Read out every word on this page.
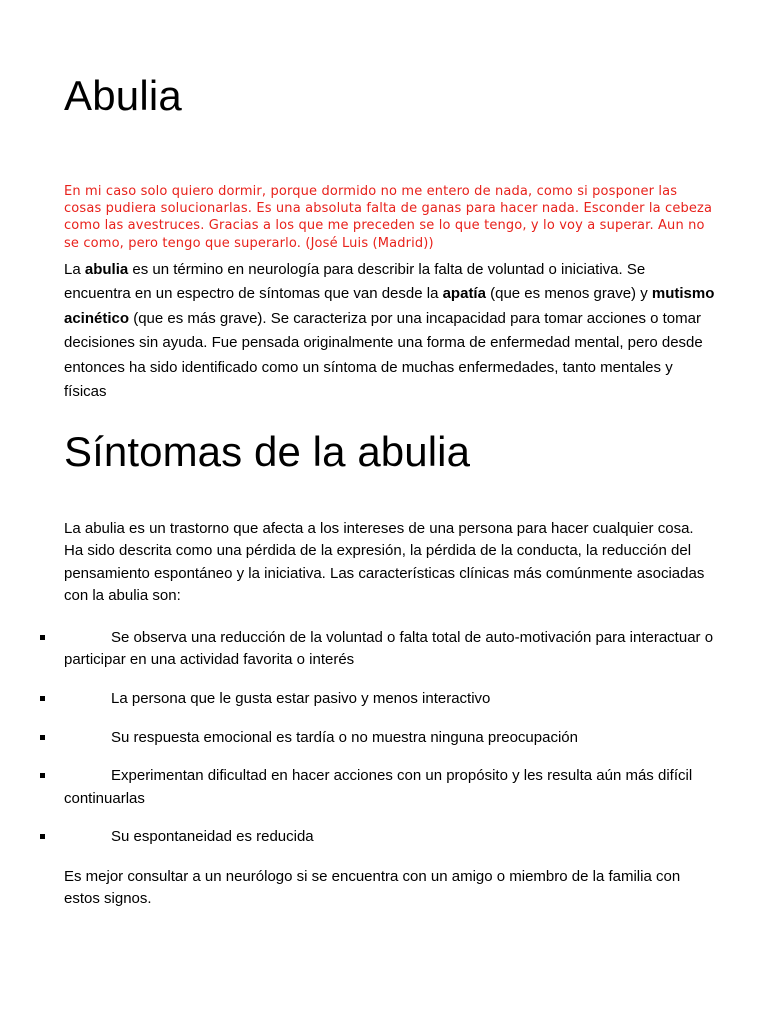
Abulia

En mi caso solo quiero dormir, porque dormido no me entero de nada, como si posponer las cosas pudiera solucionarlas. Es una absoluta falta de ganas para hacer nada. Esconder la cebeza como las avestruces. Gracias a los que me preceden se lo que tengo, y lo voy a superar. Aun no se como, pero tengo que superarlo. (José Luis (Madrid))

La abulia es un término en neurología para describir la falta de voluntad o iniciativa. Se encuentra en un espectro de síntomas que van desde la apatía (que es menos grave) y mutismo acinético (que es más grave). Se caracteriza por una incapacidad para tomar acciones o tomar decisiones sin ayuda. Fue pensada originalmente una forma de enfermedad mental, pero desde entonces ha sido identificado como un síntoma de muchas enfermedades, tanto mentales y físicas

Síntomas de la abulia

La abulia es un trastorno que afecta a los intereses de una persona para hacer cualquier cosa. Ha sido descrita como una pérdida de la expresión, la pérdida de la conducta, la reducción del pensamiento espontáneo y la iniciativa. Las características clínicas más comúnmente asociadas con la abulia son:

Se observa una reducción de la voluntad o falta total de auto-motivación para interactuar o participar en una actividad favorita o interés
La persona que le gusta estar pasivo y menos interactivo
Su respuesta emocional es tardía o no muestra ninguna preocupación
Experimentan dificultad en hacer acciones con un propósito y les resulta aún más difícil continuarlas
Su espontaneidad es reducida

Es mejor consultar a un neurólogo si se encuentra con un amigo o miembro de la familia con estos signos.
